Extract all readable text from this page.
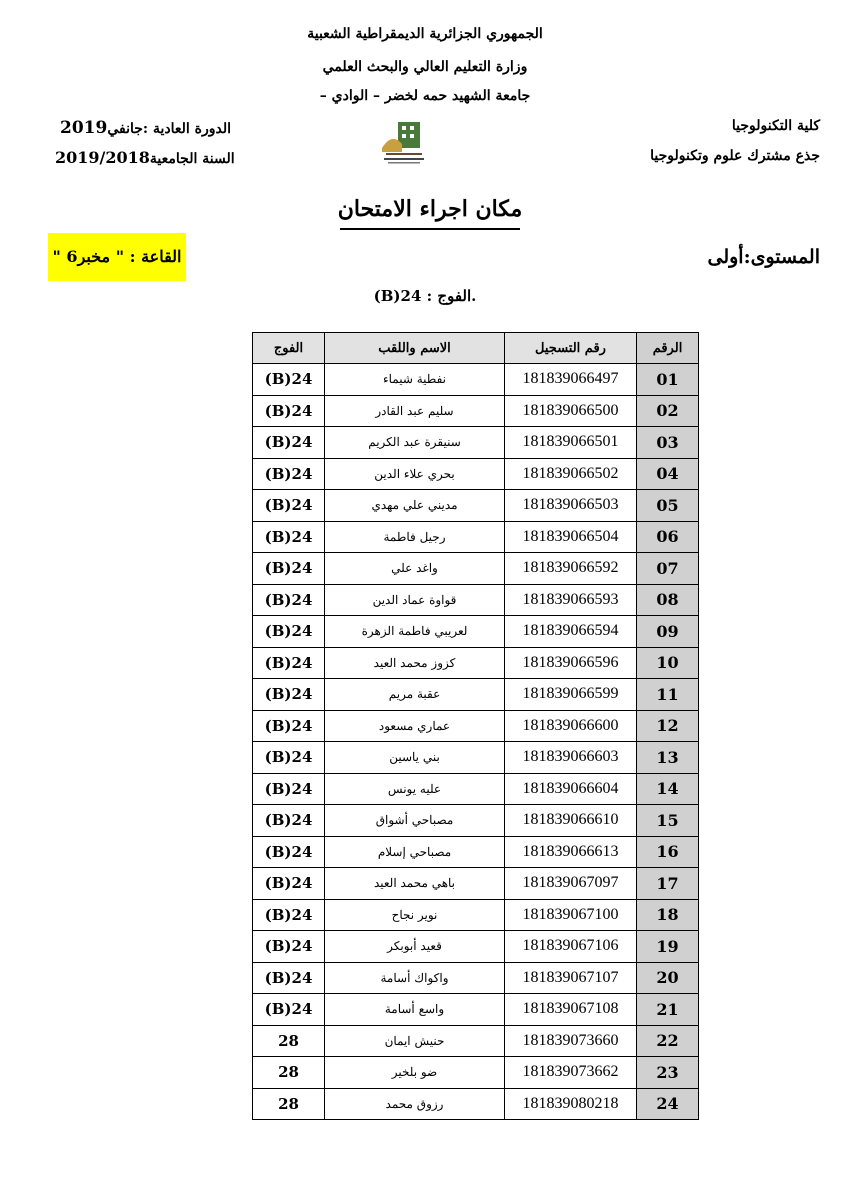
الجمهوري الجزائرية الديمقراطية الشعبية
وزارة التعليم العالي والبحث العلمي
جامعة الشهيد حمه لخضر – الوادي –
كلية التكنولوجيا
جذع مشترك علوم وتكنولوجيا
الدورة العادية :جانفي2019
السنة الجامعية2019/2018
مكان اجراء الامتحان
المستوى:أولى
القاعة : " مخبر6 "
.الفوج : 24(B)
الفوج	الاسم واللقب	رقم التسجيل	الرقم
24(B)	نفطية شيماء	181839066497	01
24(B)	سليم عبد القادر	181839066500	02
24(B)	سنيقرة عبد الكريم	181839066501	03
24(B)	بحري علاء الدين	181839066502	04
24(B)	مديني علي مهدي	181839066503	05
24(B)	رجيل فاطمة	181839066504	06
24(B)	واغد علي	181839066592	07
24(B)	قواوة عماد الدين	181839066593	08
24(B)	لعريبي فاطمة الزهرة	181839066594	09
24(B)	كزوز محمد العيد	181839066596	10
24(B)	عقبة مريم	181839066599	11
24(B)	عماري مسعود	181839066600	12
24(B)	بني ياسين	181839066603	13
24(B)	عليه يونس	181839066604	14
24(B)	مصباحي أشواق	181839066610	15
24(B)	مصباحي إسلام	181839066613	16
24(B)	باهي محمد العيد	181839067097	17
24(B)	نوير نجاح	181839067100	18
24(B)	قعيد أبوبكر	181839067106	19
24(B)	واكواك أسامة	181839067107	20
24(B)	واسع أسامة	181839067108	21
28	حنيش ايمان	181839073660	22
28	ضو بلخير	181839073662	23
28	رزوق محمد	181839080218	24
